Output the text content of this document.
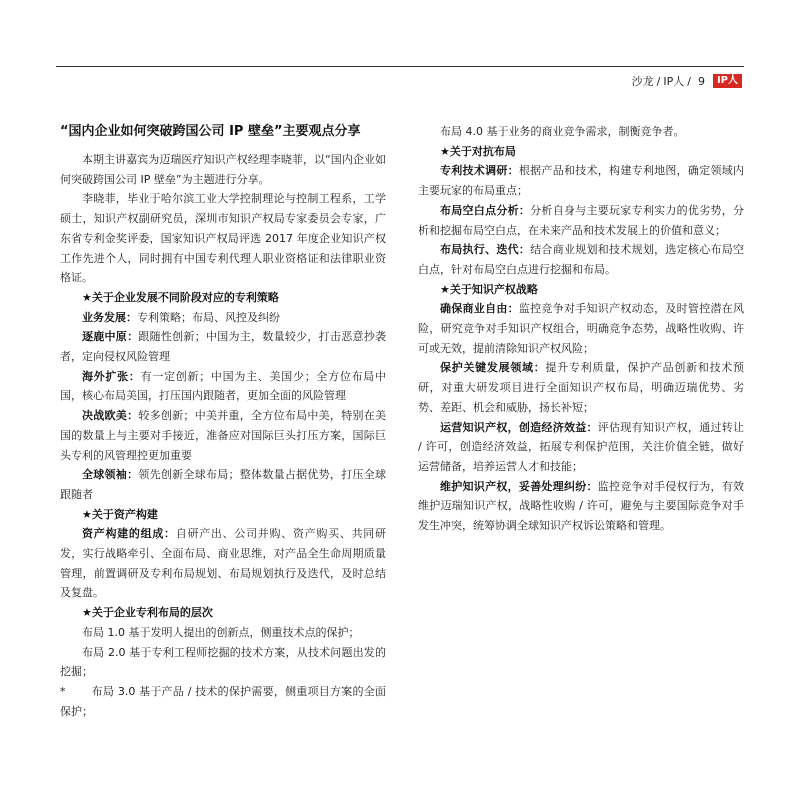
沙龙 / IP人 / 9	IP人
“国内企业如何突破跨国公司 IP 壁垒”主要观点分享

本期主讲嘉宾为迈瑞医疗知识产权经理李晓菲，以“国内企业如何突破跨国公司 IP 壁垒”为主题进行分享。

李晓菲，毕业于哈尔滨工业大学控制理论与控制工程系，工学硕士，知识产权副研究员，深圳市知识产权局专家委员会专家，广东省专利金奖评委，国家知识产权局评选 2017 年度企业知识产权工作先进个人，同时拥有中国专利代理人职业资格证和法律职业资格证。

★关于企业发展不同阶段对应的专利策略

业务发展：专利策略；布局、风控及纠纷

逐鹿中原：跟随性创新；中国为主，数量较少，打击恶意抄袭者，定向侵权风险管理

海外扩张：有一定创新；中国为主、美国少；全方位布局中国，核心布局美国，打压国内跟随者，更加全面的风险管理

决战欧美：较多创新；中美并重，全方位布局中美，特别在美国的数量上与主要对手接近，准备应对国际巨头打压方案，国际巨头专利的风管理控更加重要

全球领袖：领先创新全球布局；整体数量占据优势，打压全球跟随者

★关于资产构建

资产构建的组成：自研产出、公司并购、资产购买、共同研发，实行战略牵引、全面布局、商业思维，对产品全生命周期质量管理，前置调研及专利布局规划、布局规划执行及迭代，及时总结及复盘。

★关于企业专利布局的层次

布局 1.0 基于发明人提出的创新点，侧重技术点的保护；

布局 2.0 基于专利工程师挖掘的技术方案，从技术问题出发的挖掘；

* 布局 3.0 基于产品 / 技术的保护需要，侧重项目方案的全面保护；

布局 4.0 基于业务的商业竞争需求，制衡竞争者。

★关于对抗布局

专利技术调研：根据产品和技术，构建专利地图，确定领域内主要玩家的布局重点；

布局空白点分析：分析自身与主要玩家专利实力的优劣势，分析和挖掘布局空白点，在未来产品和技术发展上的价值和意义；

布局执行、迭代：结合商业规划和技术规划，选定核心布局空白点，针对布局空白点进行挖掘和布局。

★关于知识产权战略

确保商业自由：监控竞争对手知识产权动态，及时管控潜在风险，研究竞争对手知识产权组合，明确竞争态势，战略性收购、许可或无效，提前清除知识产权风险；

保护关键发展领域：提升专利质量，保护产品创新和技术预研，对重大研发项目进行全面知识产权布局，明确迈瑞优势、劣势、差距、机会和威胁，扬长补短；

运营知识产权，创造经济效益：评估现有知识产权，通过转让 / 许可，创造经济效益，拓展专利保护范围，关注价值全链，做好运营储备，培养运营人才和技能；

维护知识产权，妥善处理纠纷：监控竞争对手侵权行为，有效维护迈瑞知识产权，战略性收购 / 许可，避免与主要国际竞争对手发生冲突，统筹协调全球知识产权诉讼策略和管理。
